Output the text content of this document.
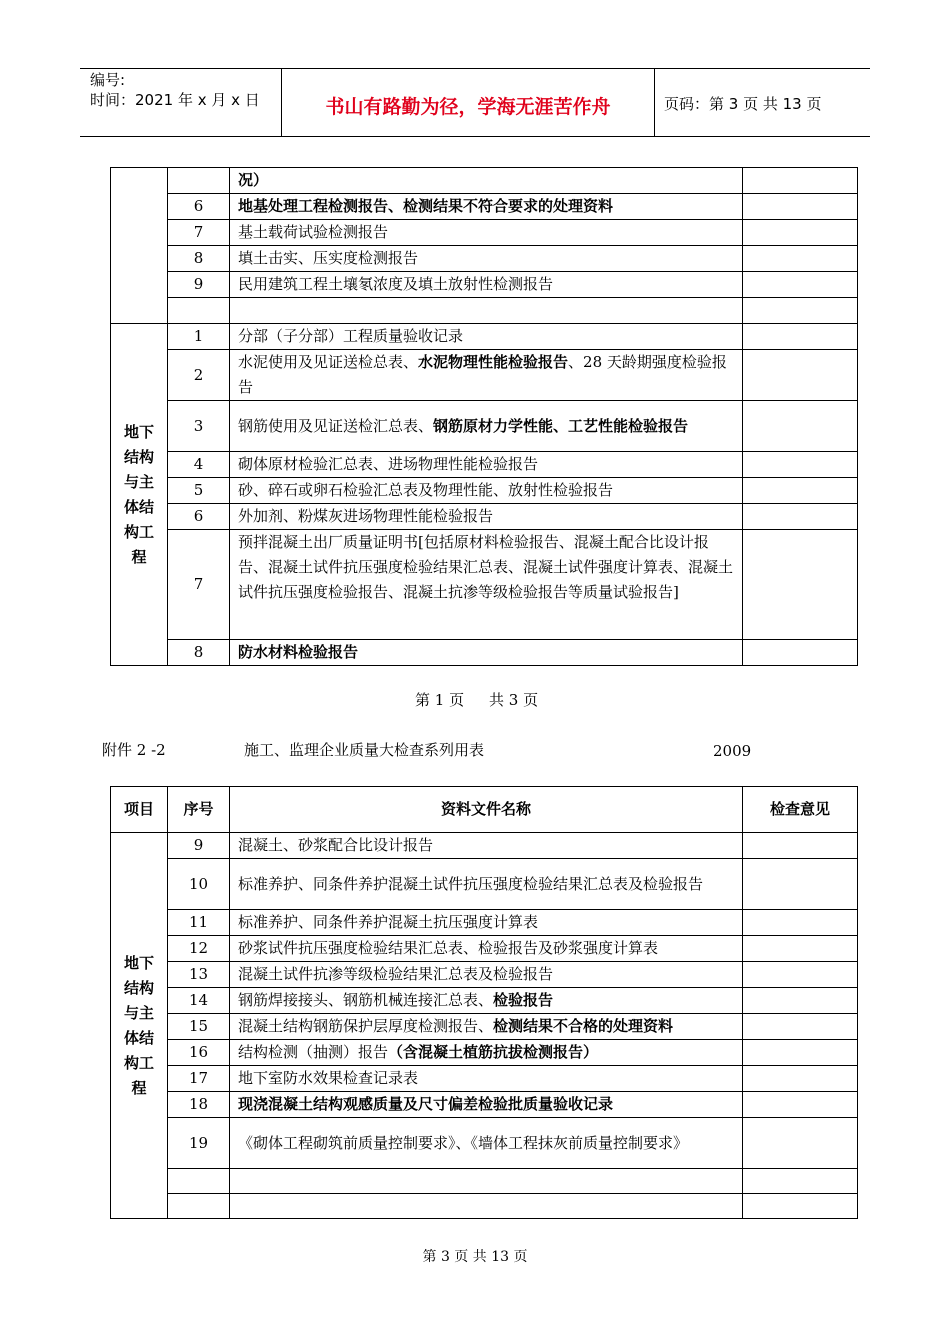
编号:
时间：2021 年 x 月 x 日	书山有路勤为径，学海无涯苦作舟	页码：第 3 页 共 13 页
		况）	
	6	地基处理工程检测报告、检测结果不符合要求的处理资料	
	7	基土载荷试验检测报告	
	8	填土击实、压实度检测报告	
	9	民用建筑工程土壤氡浓度及填土放射性检测报告	

地下结构与主体结构工程	1	分部（子分部）工程质量验收记录	
	2	水泥使用及见证送检总表、水泥物理性能检验报告、28 天龄期强度检验报告	
	3	钢筋使用及见证送检汇总表、钢筋原材力学性能、工艺性能检验报告	
	4	砌体原材检验汇总表、进场物理性能检验报告	
	5	砂、碎石或卵石检验汇总表及物理性能、放射性检验报告	
	6	外加剂、粉煤灰进场物理性能检验报告	
	7	预拌混凝土出厂质量证明书[包括原材料检验报告、混凝土配合比设计报告、混凝土试件抗压强度检验结果汇总表、混凝土试件强度计算表、混凝土试件抗压强度检验报告、混凝土抗渗等级检验报告等质量试验报告]	
	8	防水材料检验报告	
第 1 页 共 3 页
附件 2 -2	施工、监理企业质量大检查系列用表	2009
项目	序号	资料文件名称	检查意见
地下结构与主体结构工程	9	混凝土、砂浆配合比设计报告	
	10	标准养护、同条件养护混凝土试件抗压强度检验结果汇总表及检验报告	
	11	标准养护、同条件养护混凝土抗压强度计算表	
	12	砂浆试件抗压强度检验结果汇总表、检验报告及砂浆强度计算表	
	13	混凝土试件抗渗等级检验结果汇总表及检验报告	
	14	钢筋焊接接头、钢筋机械连接汇总表、检验报告	
	15	混凝土结构钢筋保护层厚度检测报告、检测结果不合格的处理资料	
	16	结构检测（抽测）报告（含混凝土植筋抗拔检测报告）	
	17	地下室防水效果检查记录表	
	18	现浇混凝土结构观感质量及尺寸偏差检验批质量验收记录	
	19	《砌体工程砌筑前质量控制要求》、《墙体工程抹灰前质量控制要求》	

第 3 页 共 13 页
